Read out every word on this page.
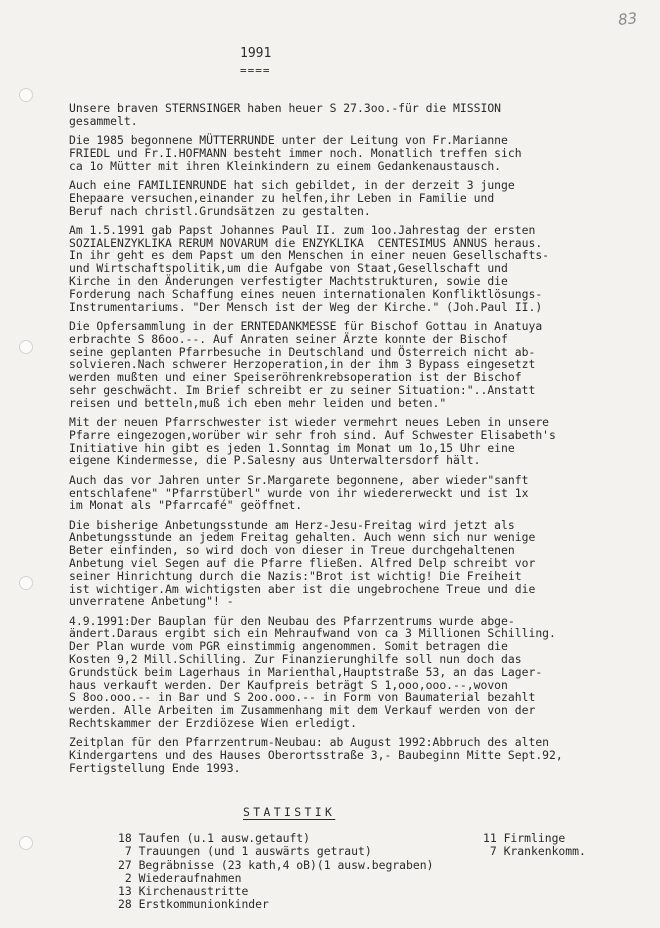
83
1991
====

Unsere braven STERNSINGER haben heuer S 27.3oo.-für die MISSION
gesammelt.

Die 1985 begonnene MÜTTERRUNDE unter der Leitung von Fr.Marianne
FRIEDL und Fr.I.HOFMANN besteht immer noch. Monatlich treffen sich
ca 1o Mütter mit ihren Kleinkindern zu einem Gedankenaustausch.

Auch eine FAMILIENRUNDE hat sich gebildet, in der derzeit 3 junge
Ehepaare versuchen,einander zu helfen,ihr Leben in Familie und
Beruf nach christl.Grundsätzen zu gestalten.

Am 1.5.1991 gab Papst Johannes Paul II. zum 1oo.Jahrestag der ersten
SOZIALENZYKLIKA RERUM NOVARUM die ENZYKLIKA  CENTESIMUS ANNUS heraus.
In ihr geht es dem Papst um den Menschen in einer neuen Gesellschafts-
und Wirtschaftspolitik,um die Aufgabe von Staat,Gesellschaft und
Kirche in den Änderungen verfestigter Machtstrukturen, sowie die
Forderung nach Schaffung eines neuen internationalen Konfliktlösungs-
Instrumentariums. "Der Mensch ist der Weg der Kirche." (Joh.Paul II.)

Die Opfersammlung in der ERNTEDANKMESSE für Bischof Gottau in Anatuya
erbrachte S 86oo.--. Auf Anraten seiner Ärzte konnte der Bischof
seine geplanten Pfarrbesuche in Deutschland und Österreich nicht ab-
solvieren.Nach schwerer Herzoperation,in der ihm 3 Bypass eingesetzt
werden mußten und einer Speiseröhrenkrebsoperation ist der Bischof
sehr geschwächt. Im Brief schreibt er zu seiner Situation:"..Anstatt
reisen und betteln,muß ich eben mehr leiden und beten."

Mit der neuen Pfarrschwester ist wieder vermehrt neues Leben in unsere
Pfarre eingezogen,worüber wir sehr froh sind. Auf Schwester Elisabeth's
Initiative hin gibt es jeden 1.Sonntag im Monat um 1o,15 Uhr eine
eigene Kindermesse, die P.Salesny aus Unterwaltersdorf hält.

Auch das vor Jahren unter Sr.Margarete begonnene, aber wieder"sanft
entschlafene" "Pfarrstüberl" wurde von ihr wiedererweckt und ist 1x
im Monat als "Pfarrcafé" geöffnet.

Die bisherige Anbetungsstunde am Herz-Jesu-Freitag wird jetzt als
Anbetungsstunde an jedem Freitag gehalten. Auch wenn sich nur wenige
Beter einfinden, so wird doch von dieser in Treue durchgehaltenen
Anbetung viel Segen auf die Pfarre fließen. Alfred Delp schreibt vor
seiner Hinrichtung durch die Nazis:"Brot ist wichtig! Die Freiheit
ist wichtiger.Am wichtigsten aber ist die ungebrochene Treue und die
unverratene Anbetung"! -

4.9.1991:Der Bauplan für den Neubau des Pfarrzentrums wurde abge-
ändert.Daraus ergibt sich ein Mehraufwand von ca 3 Millionen Schilling.
Der Plan wurde vom PGR einstimmig angenommen. Somit betragen die
Kosten 9,2 Mill.Schilling. Zur Finanzierunghilfe soll nun doch das
Grundstück beim Lagerhaus in Marienthal,Hauptstraße 53, an das Lager-
haus verkauft werden. Der Kaufpreis beträgt S 1,ooo,ooo.--,wovon
S 8oo.ooo.-- in Bar und S 2oo.ooo.-- in Form von Baumaterial bezahlt
werden. Alle Arbeiten im Zusammenhang mit dem Verkauf werden von der
Rechtskammer der Erzdiözese Wien erledigt.

Zeitplan für den Pfarrzentrum-Neubau: ab August 1992:Abbruch des alten
Kindergartens und des Hauses Oberortsstraße 3,- Baubeginn Mitte Sept.92,
Fertigstellung Ende 1993.

STATISTIK
18 Taufen (u.1 ausw.getauft)	11 Firmlinge
7 Trauungen (und 1 auswärts getraut)	7 Krankenkomm.
27 Begräbnisse (23 kath,4 oB)(1 ausw.begraben)
2 Wiederaufnahmen
13 Kirchenaustritte
28 Erstkommunionkinder
